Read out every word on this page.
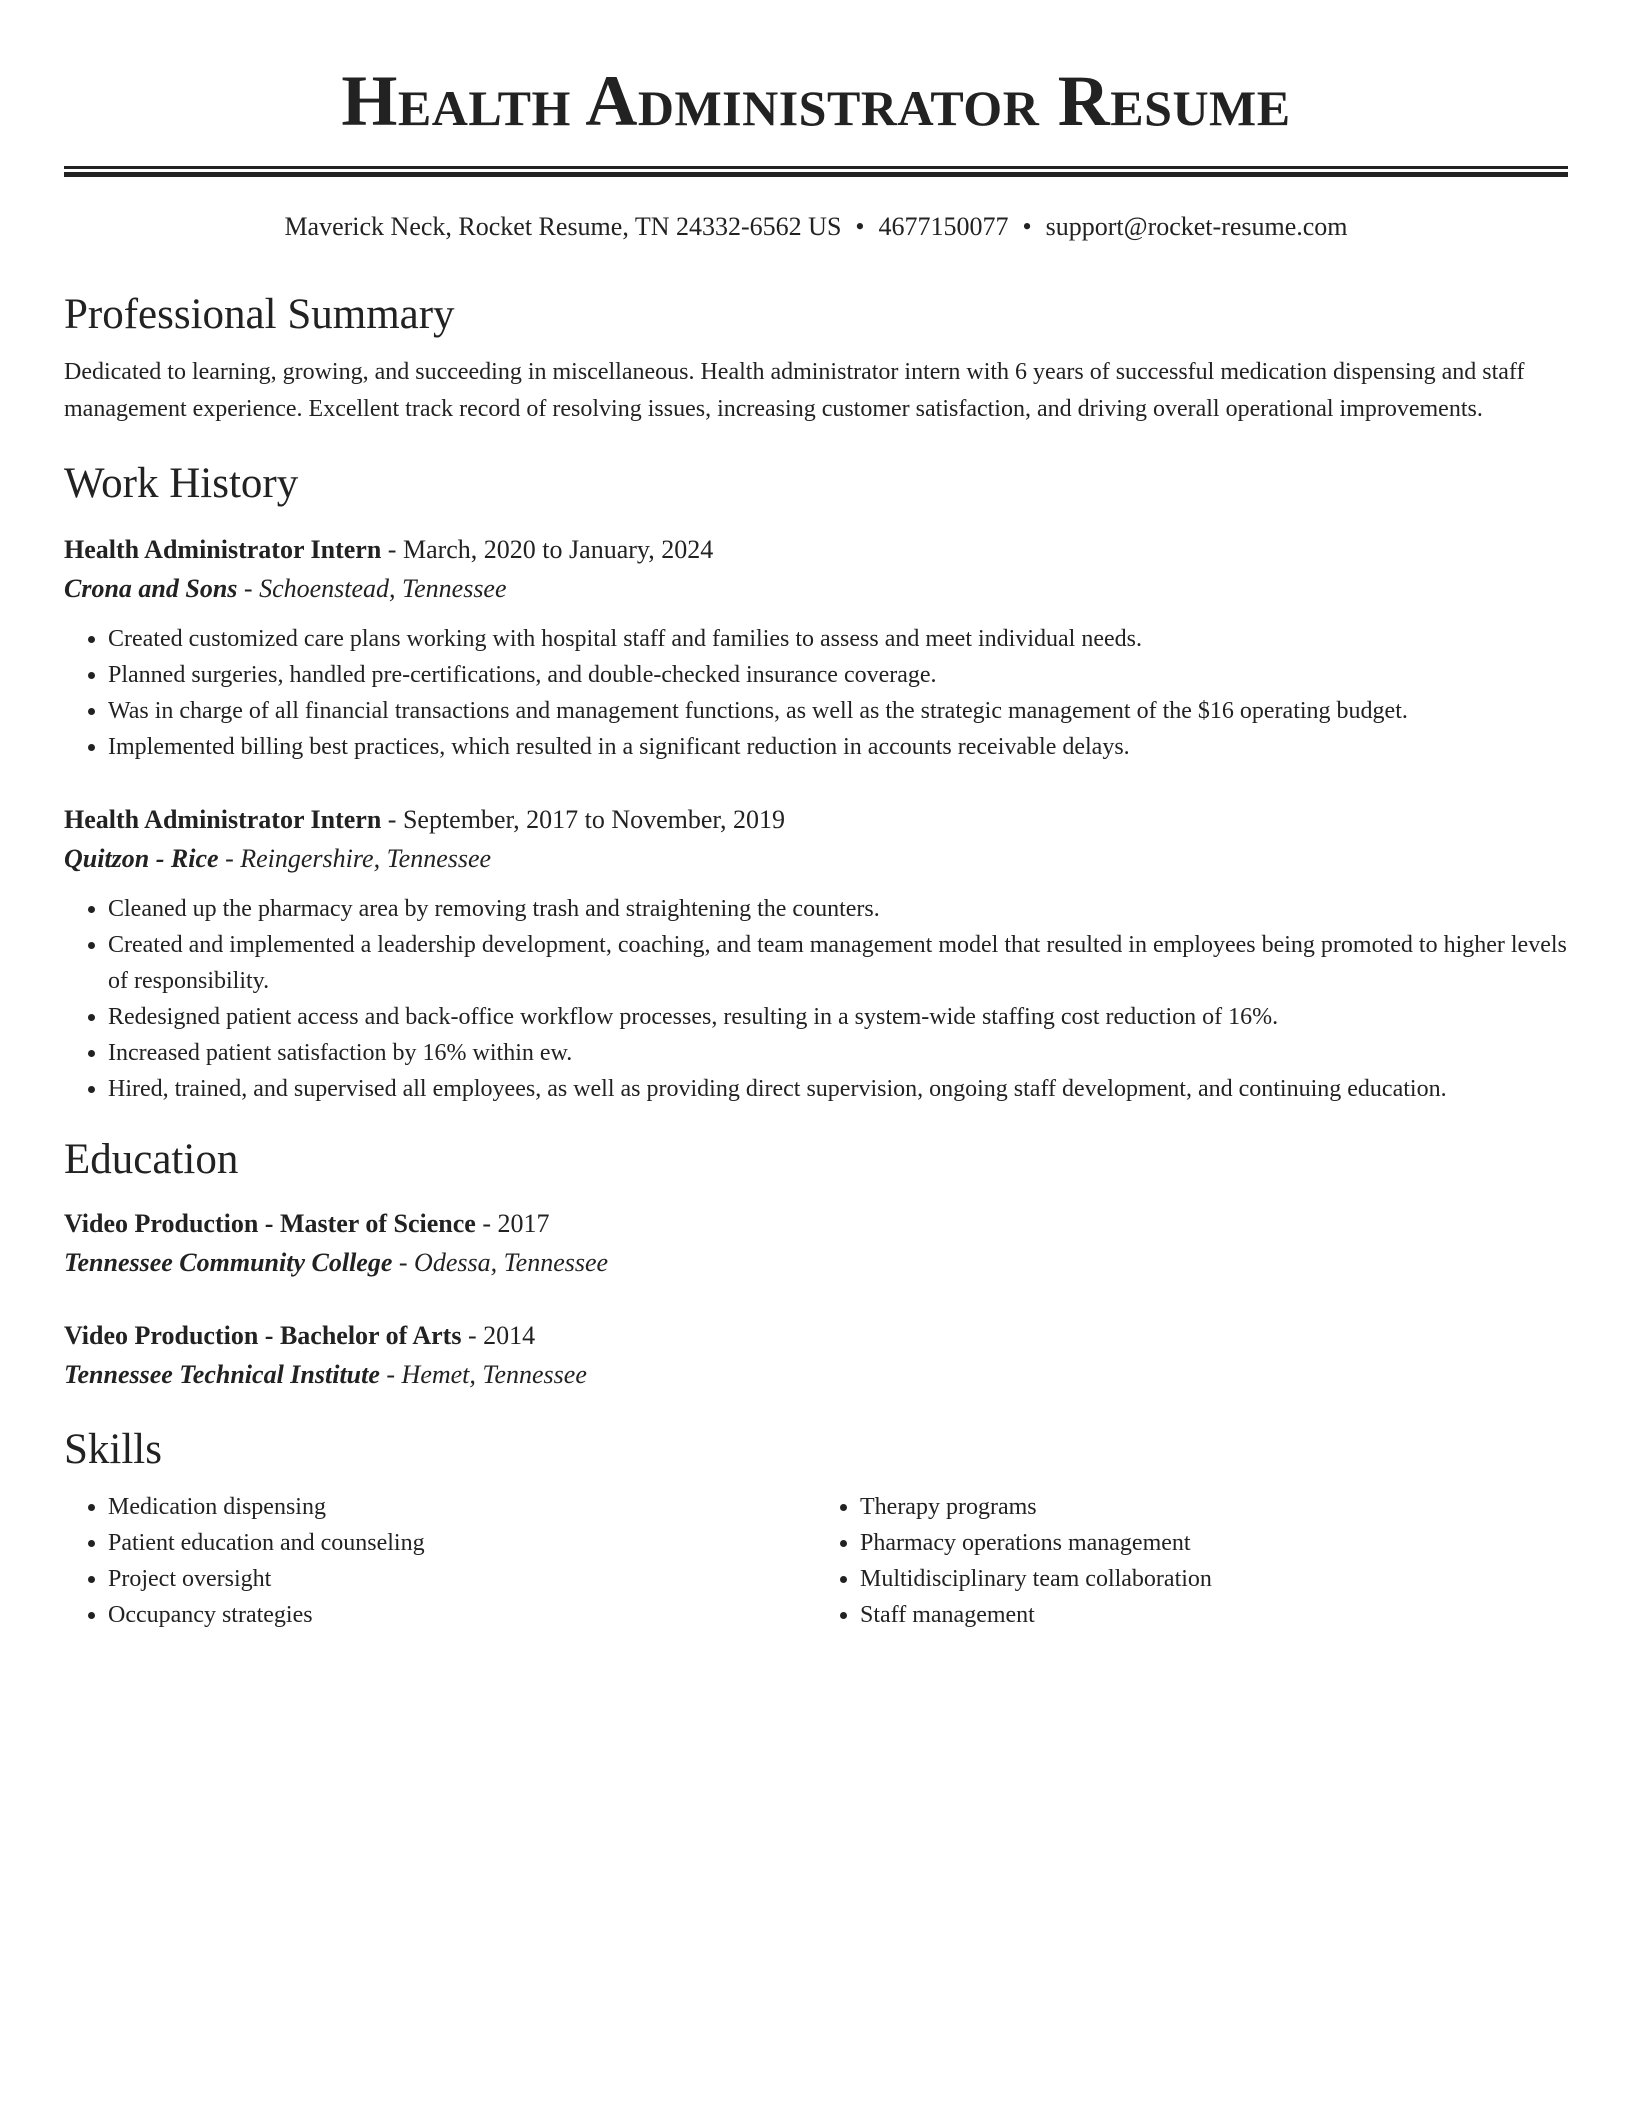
Health Administrator Resume
Maverick Neck, Rocket Resume, TN 24332-6562 US • 4677150077 • support@rocket-resume.com
Professional Summary
Dedicated to learning, growing, and succeeding in miscellaneous. Health administrator intern with 6 years of successful medication dispensing and staff management experience. Excellent track record of resolving issues, increasing customer satisfaction, and driving overall operational improvements.
Work History
Health Administrator Intern - March, 2020 to January, 2024
Crona and Sons - Schoenstead, Tennessee
• Created customized care plans working with hospital staff and families to assess and meet individual needs.
• Planned surgeries, handled pre-certifications, and double-checked insurance coverage.
• Was in charge of all financial transactions and management functions, as well as the strategic management of the $16 operating budget.
• Implemented billing best practices, which resulted in a significant reduction in accounts receivable delays.
Health Administrator Intern - September, 2017 to November, 2019
Quitzon - Rice - Reingershire, Tennessee
• Cleaned up the pharmacy area by removing trash and straightening the counters.
• Created and implemented a leadership development, coaching, and team management model that resulted in employees being promoted to higher levels of responsibility.
• Redesigned patient access and back-office workflow processes, resulting in a system-wide staffing cost reduction of 16%.
• Increased patient satisfaction by 16% within ew.
• Hired, trained, and supervised all employees, as well as providing direct supervision, ongoing staff development, and continuing education.
Education
Video Production - Master of Science - 2017
Tennessee Community College - Odessa, Tennessee
Video Production - Bachelor of Arts - 2014
Tennessee Technical Institute - Hemet, Tennessee
Skills
• Medication dispensing
• Patient education and counseling
• Project oversight
• Occupancy strategies
• Therapy programs
• Pharmacy operations management
• Multidisciplinary team collaboration
• Staff management
